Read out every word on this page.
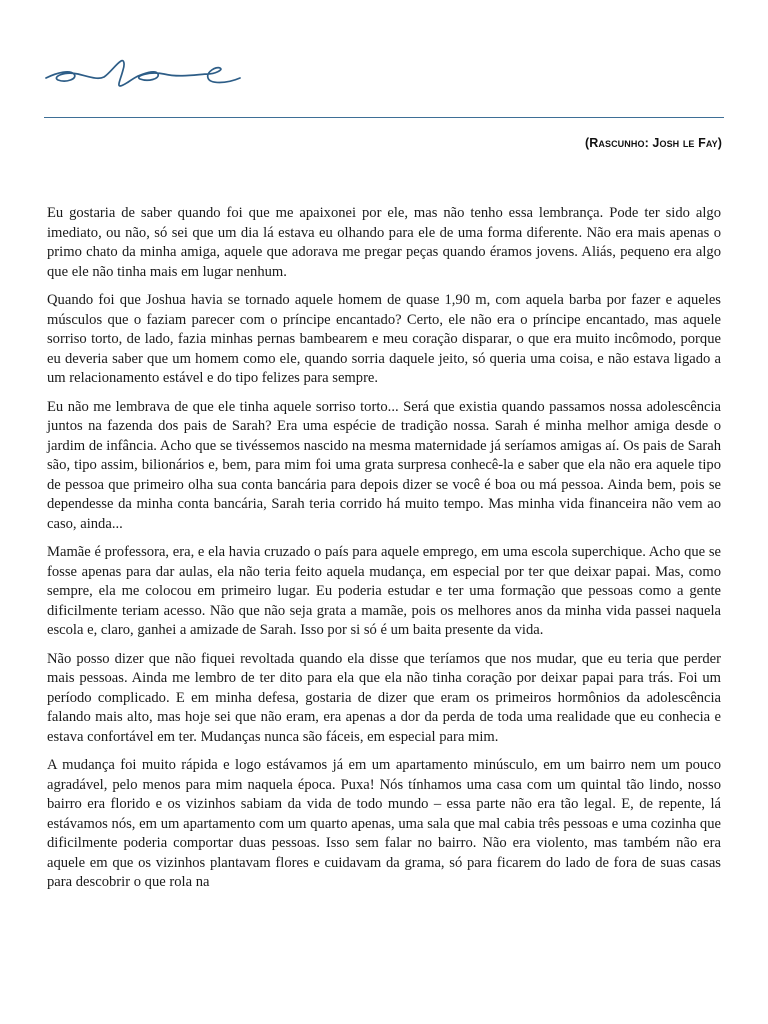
(Rascunho: Josh le Fay)

Eu gostaria de saber quando foi que me apaixonei por ele, mas não tenho essa lembrança. Pode ter sido algo imediato, ou não, só sei que um dia lá estava eu olhando para ele de uma forma diferente. Não era mais apenas o primo chato da minha amiga, aquele que adorava me pregar peças quando éramos jovens. Aliás, pequeno era algo que ele não tinha mais em lugar nenhum.

Quando foi que Joshua havia se tornado aquele homem de quase 1,90 m, com aquela barba por fazer e aqueles músculos que o faziam parecer com o príncipe encantado? Certo, ele não era o príncipe encantado, mas aquele sorriso torto, de lado, fazia minhas pernas bambearem e meu coração disparar, o que era muito incômodo, porque eu deveria saber que um homem como ele, quando sorria daquele jeito, só queria uma coisa, e não estava ligado a um relacionamento estável e do tipo felizes para sempre.

Eu não me lembrava de que ele tinha aquele sorriso torto... Será que existia quando passamos nossa adolescência juntos na fazenda dos pais de Sarah? Era uma espécie de tradição nossa. Sarah é minha melhor amiga desde o jardim de infância. Acho que se tivéssemos nascido na mesma maternidade já seríamos amigas aí. Os pais de Sarah são, tipo assim, bilionários e, bem, para mim foi uma grata surpresa conhecê-la e saber que ela não era aquele tipo de pessoa que primeiro olha sua conta bancária para depois dizer se você é boa ou má pessoa. Ainda bem, pois se dependesse da minha conta bancária, Sarah teria corrido há muito tempo. Mas minha vida financeira não vem ao caso, ainda...

Mamãe é professora, era, e ela havia cruzado o país para aquele emprego, em uma escola superchique. Acho que se fosse apenas para dar aulas, ela não teria feito aquela mudança, em especial por ter que deixar papai. Mas, como sempre, ela me colocou em primeiro lugar. Eu poderia estudar e ter uma formação que pessoas como a gente dificilmente teriam acesso. Não que não seja grata a mamãe, pois os melhores anos da minha vida passei naquela escola e, claro, ganhei a amizade de Sarah. Isso por si só é um baita presente da vida.

Não posso dizer que não fiquei revoltada quando ela disse que teríamos que nos mudar, que eu teria que perder mais pessoas. Ainda me lembro de ter dito para ela que ela não tinha coração por deixar papai para trás. Foi um período complicado. E em minha defesa, gostaria de dizer que eram os primeiros hormônios da adolescência falando mais alto, mas hoje sei que não eram, era apenas a dor da perda de toda uma realidade que eu conhecia e estava confortável em ter. Mudanças nunca são fáceis, em especial para mim.

A mudança foi muito rápida e logo estávamos já em um apartamento minúsculo, em um bairro nem um pouco agradável, pelo menos para mim naquela época. Puxa! Nós tínhamos uma casa com um quintal tão lindo, nosso bairro era florido e os vizinhos sabiam da vida de todo mundo – essa parte não era tão legal. E, de repente, lá estávamos nós, em um apartamento com um quarto apenas, uma sala que mal cabia três pessoas e uma cozinha que dificilmente poderia comportar duas pessoas. Isso sem falar no bairro. Não era violento, mas também não era aquele em que os vizinhos plantavam flores e cuidavam da grama, só para ficarem do lado de fora de suas casas para descobrir o que rola na
